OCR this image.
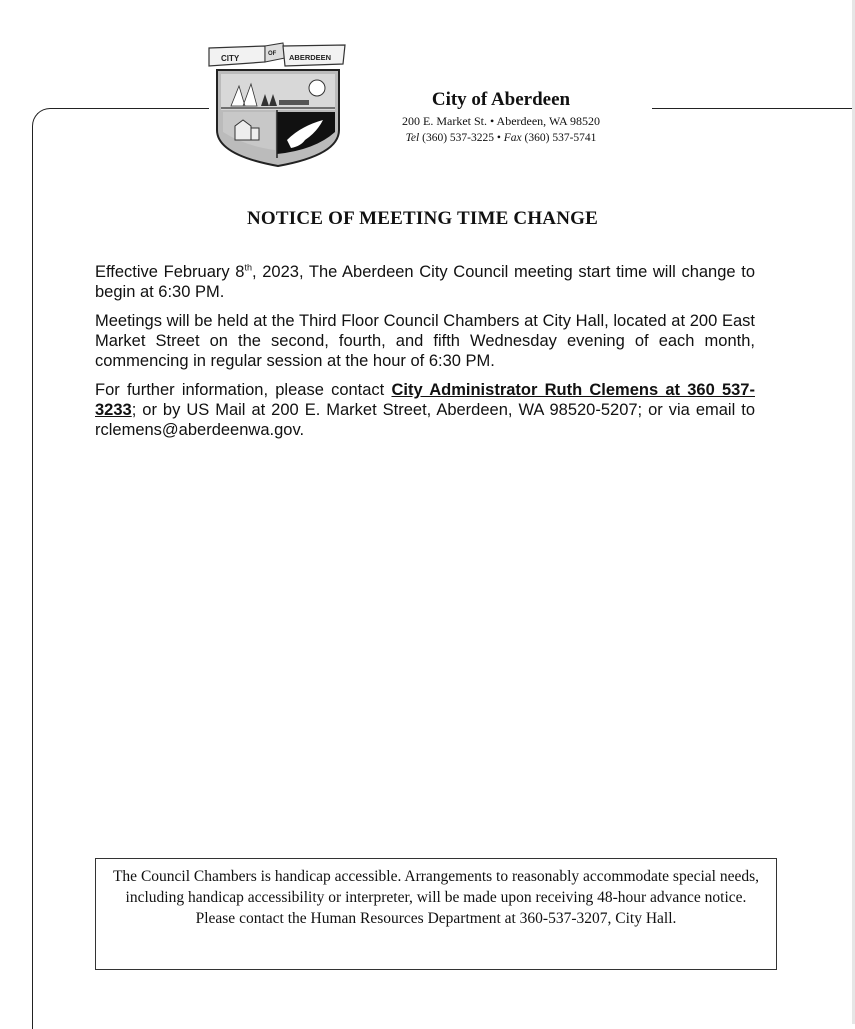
CITY	OF ABERDEEN

City of Aberdeen

200 E. Market St. • Aberdeen, WA 98520

Tel (360) 537-3225 • Fax (360) 537-5741

NOTICE OF MEETING TIME CHANGE

Effective February 8th, 2023, The Aberdeen City Council meeting start time will change to begin at 6:30 PM.

Meetings will be held at the Third Floor Council Chambers at City Hall, located at 200 East Market Street on the second, fourth, and fifth Wednesday evening of each month, commencing in regular session at the hour of 6:30 PM.

For further information, please contact City Administrator Ruth Clemens at 360 537-3233; or by US Mail at 200 E. Market Street, Aberdeen, WA 98520-5207; or via email to rclemens@aberdeenwa.gov.

The Council Chambers is handicap accessible. Arrangements to reasonably accommodate special needs, including handicap accessibility or interpreter, will be made upon receiving 48-hour advance notice. Please contact the Human Resources Department at 360-537-3207, City Hall.
